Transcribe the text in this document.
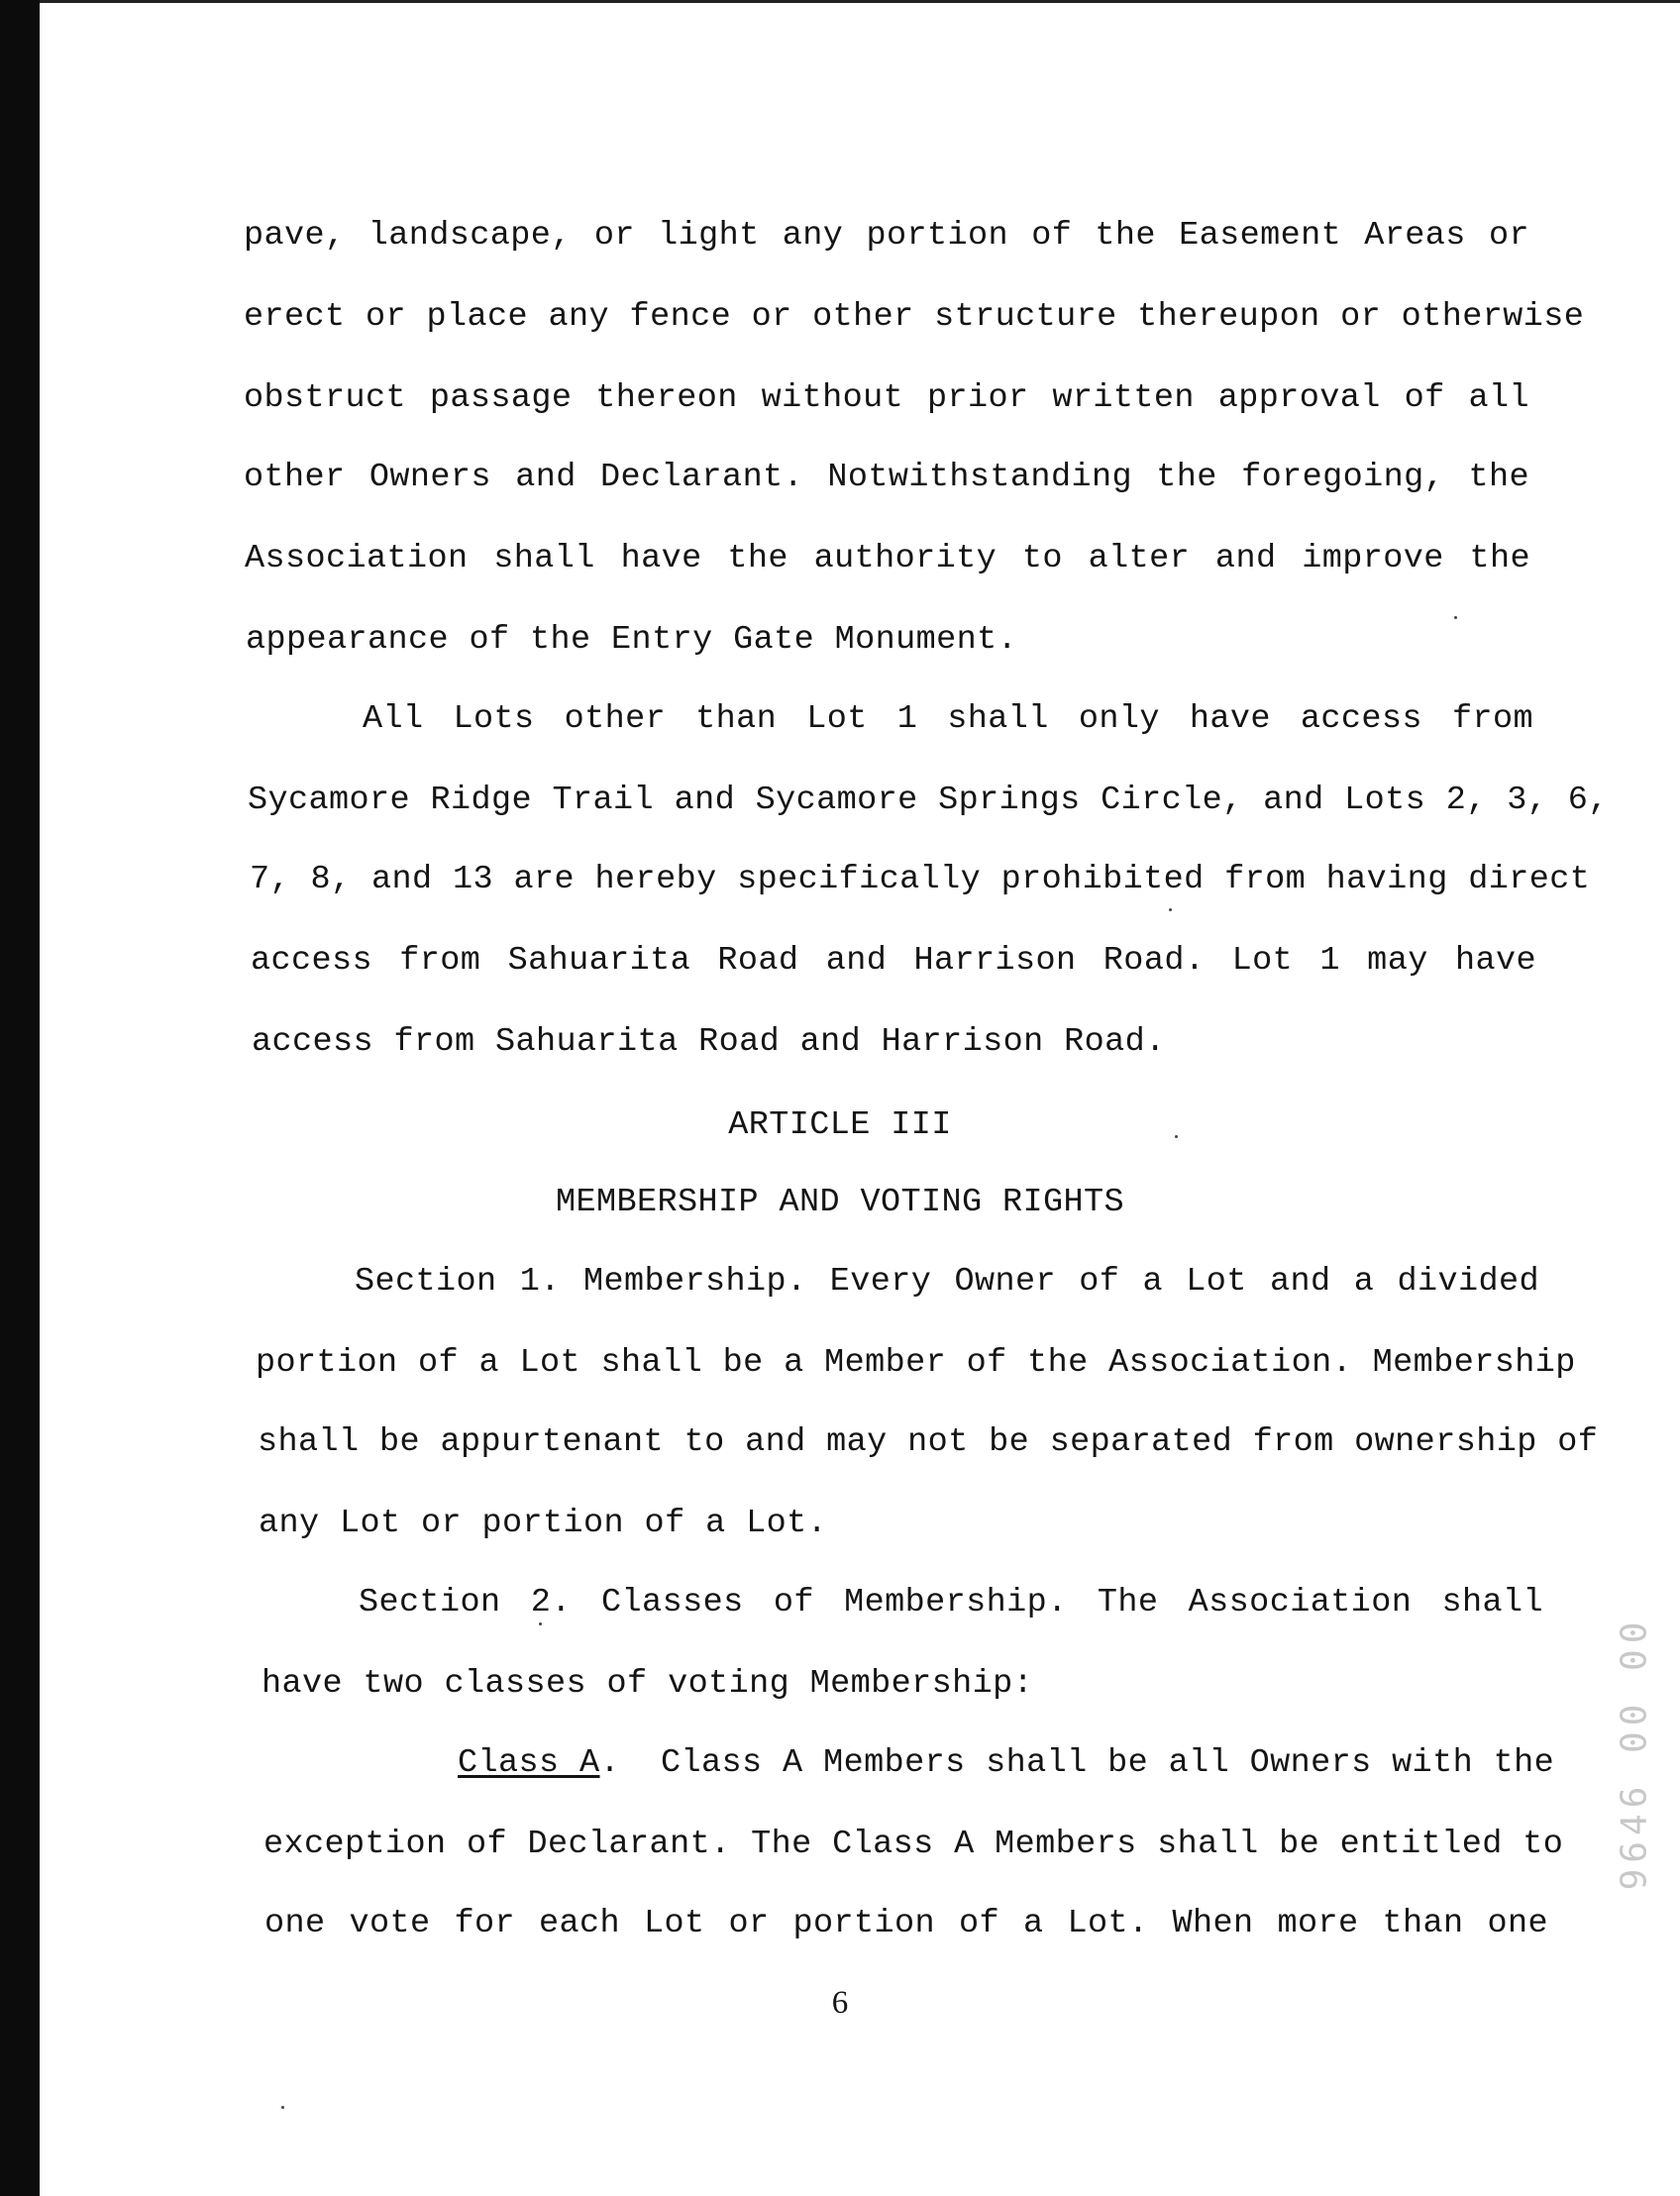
pave, landscape, or light any portion of the Easement Areas or
erect or place any fence or other structure thereupon or otherwise
obstruct passage thereon without prior written approval of all
other Owners and Declarant. Notwithstanding the foregoing, the
Association shall have the authority to alter and improve the
appearance of the Entry Gate Monument.
All Lots other than Lot 1 shall only have access from
Sycamore Ridge Trail and Sycamore Springs Circle, and Lots 2, 3, 6,
7, 8, and 13 are hereby specifically prohibited from having direct
access from Sahuarita Road and Harrison Road. Lot 1 may have
access from Sahuarita Road and Harrison Road.
ARTICLE III
MEMBERSHIP AND VOTING RIGHTS
Section 1. Membership. Every Owner of a Lot and a divided
portion of a Lot shall be a Member of the Association. Membership
shall be appurtenant to and may not be separated from ownership of
any Lot or portion of a Lot.
Section 2. Classes of Membership. The Association shall
have two classes of voting Membership:
Class A .  Class A Members shall be all Owners with the
exception of Declarant. The Class A Members shall be entitled to
one vote for each Lot or portion of a Lot. When more than one
6
9646 00 00
